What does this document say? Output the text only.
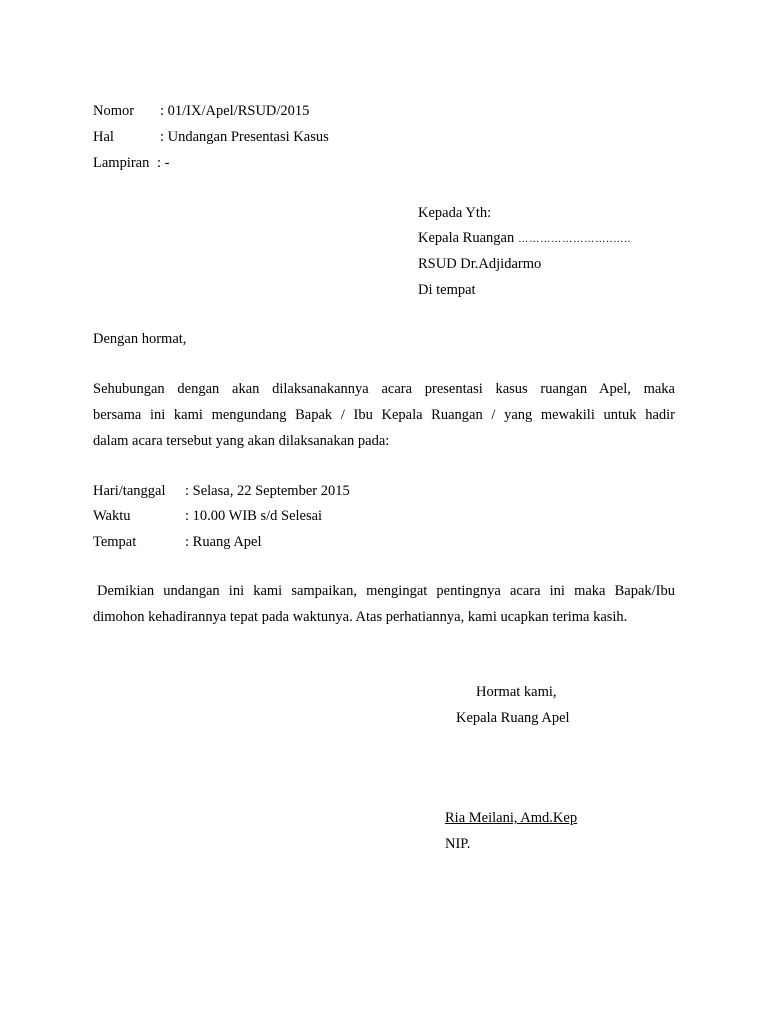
Nomor : 01/IX/Apel/RSUD/2015
Hal	: Undangan Presentasi Kasus
Lampiran : -
Kepada Yth:
Kepala Ruangan ……………………..…..
RSUD Dr.Adjidarmo
Di tempat
Dengan hormat,
Sehubungan dengan akan dilaksanakannya acara presentasi kasus ruangan Apel, maka
bersama ini kami mengundang Bapak / Ibu Kepala Ruangan / yang mewakili untuk hadir
dalam acara tersebut yang akan dilaksanakan pada:
Hari/tanggal : Selasa, 22 September 2015
Waktu	: 10.00 WIB s/d Selesai
Tempat	: Ruang Apel
Demikian undangan ini kami sampaikan, mengingat pentingnya acara ini maka Bapak/Ibu
dimohon kehadirannya tepat pada waktunya. Atas perhatiannya, kami ucapkan terima kasih.
Hormat kami,
Kepala Ruang Apel
Ria Meilani, Amd.Kep
NIP.
